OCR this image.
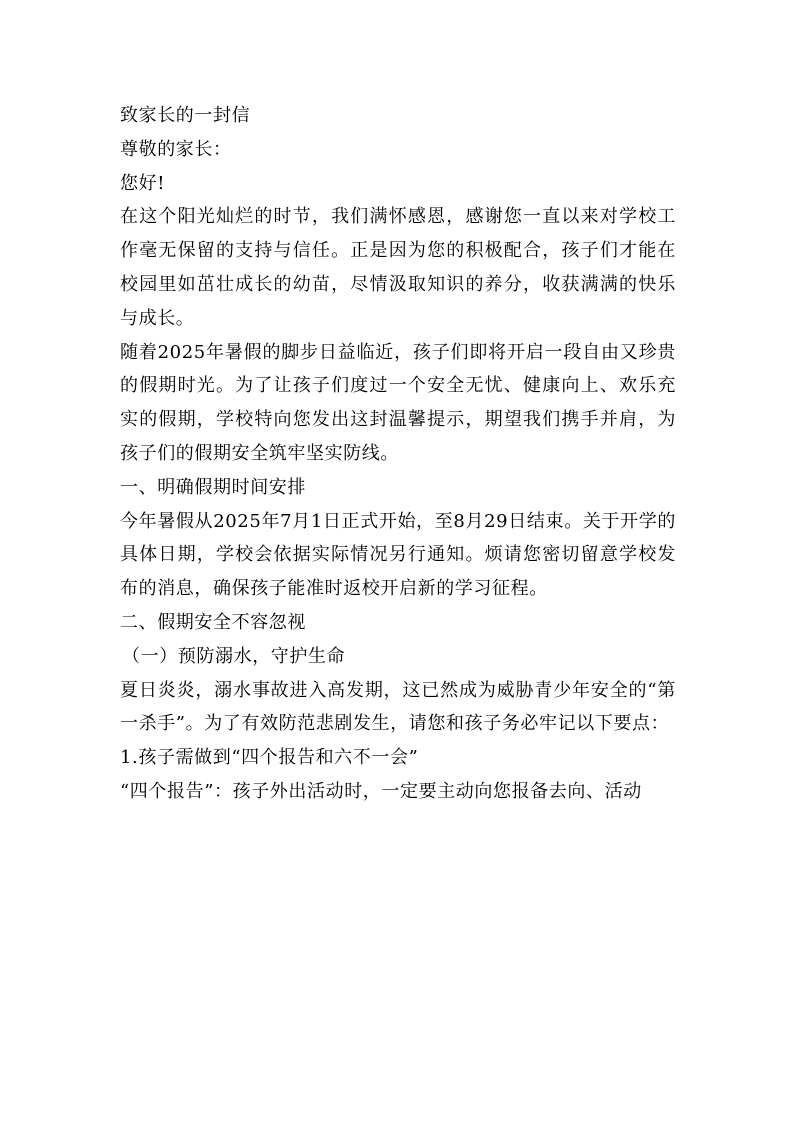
致家长的一封信

尊敬的家长：

您好!

在这个阳光灿烂的时节，我们满怀感恩，感谢您一直以来对学校工作毫无保留的支持与信任。正是因为您的积极配合，孩子们才能在校园里如茁壮成长的幼苗，尽情汲取知识的养分，收获满满的快乐与成长。

随着2025年暑假的脚步日益临近，孩子们即将开启一段自由又珍贵的假期时光。为了让孩子们度过一个安全无忧、健康向上、欢乐充实的假期，学校特向您发出这封温馨提示，期望我们携手并肩，为孩子们的假期安全筑牢坚实防线。

一、明确假期时间安排

今年暑假从2025年7月1日正式开始，至8月29日结束。关于开学的具体日期，学校会依据实际情况另行通知。烦请您密切留意学校发布的消息，确保孩子能准时返校开启新的学习征程。

二、假期安全不容忽视

（一）预防溺水，守护生命

夏日炎炎，溺水事故进入高发期，这已然成为威胁青少年安全的“第一杀手”。为了有效防范悲剧发生，请您和孩子务必牢记以下要点：

1.孩子需做到“四个报告和六不一会”

“四个报告”：孩子外出活动时，一定要主动向您报备去向、活动
